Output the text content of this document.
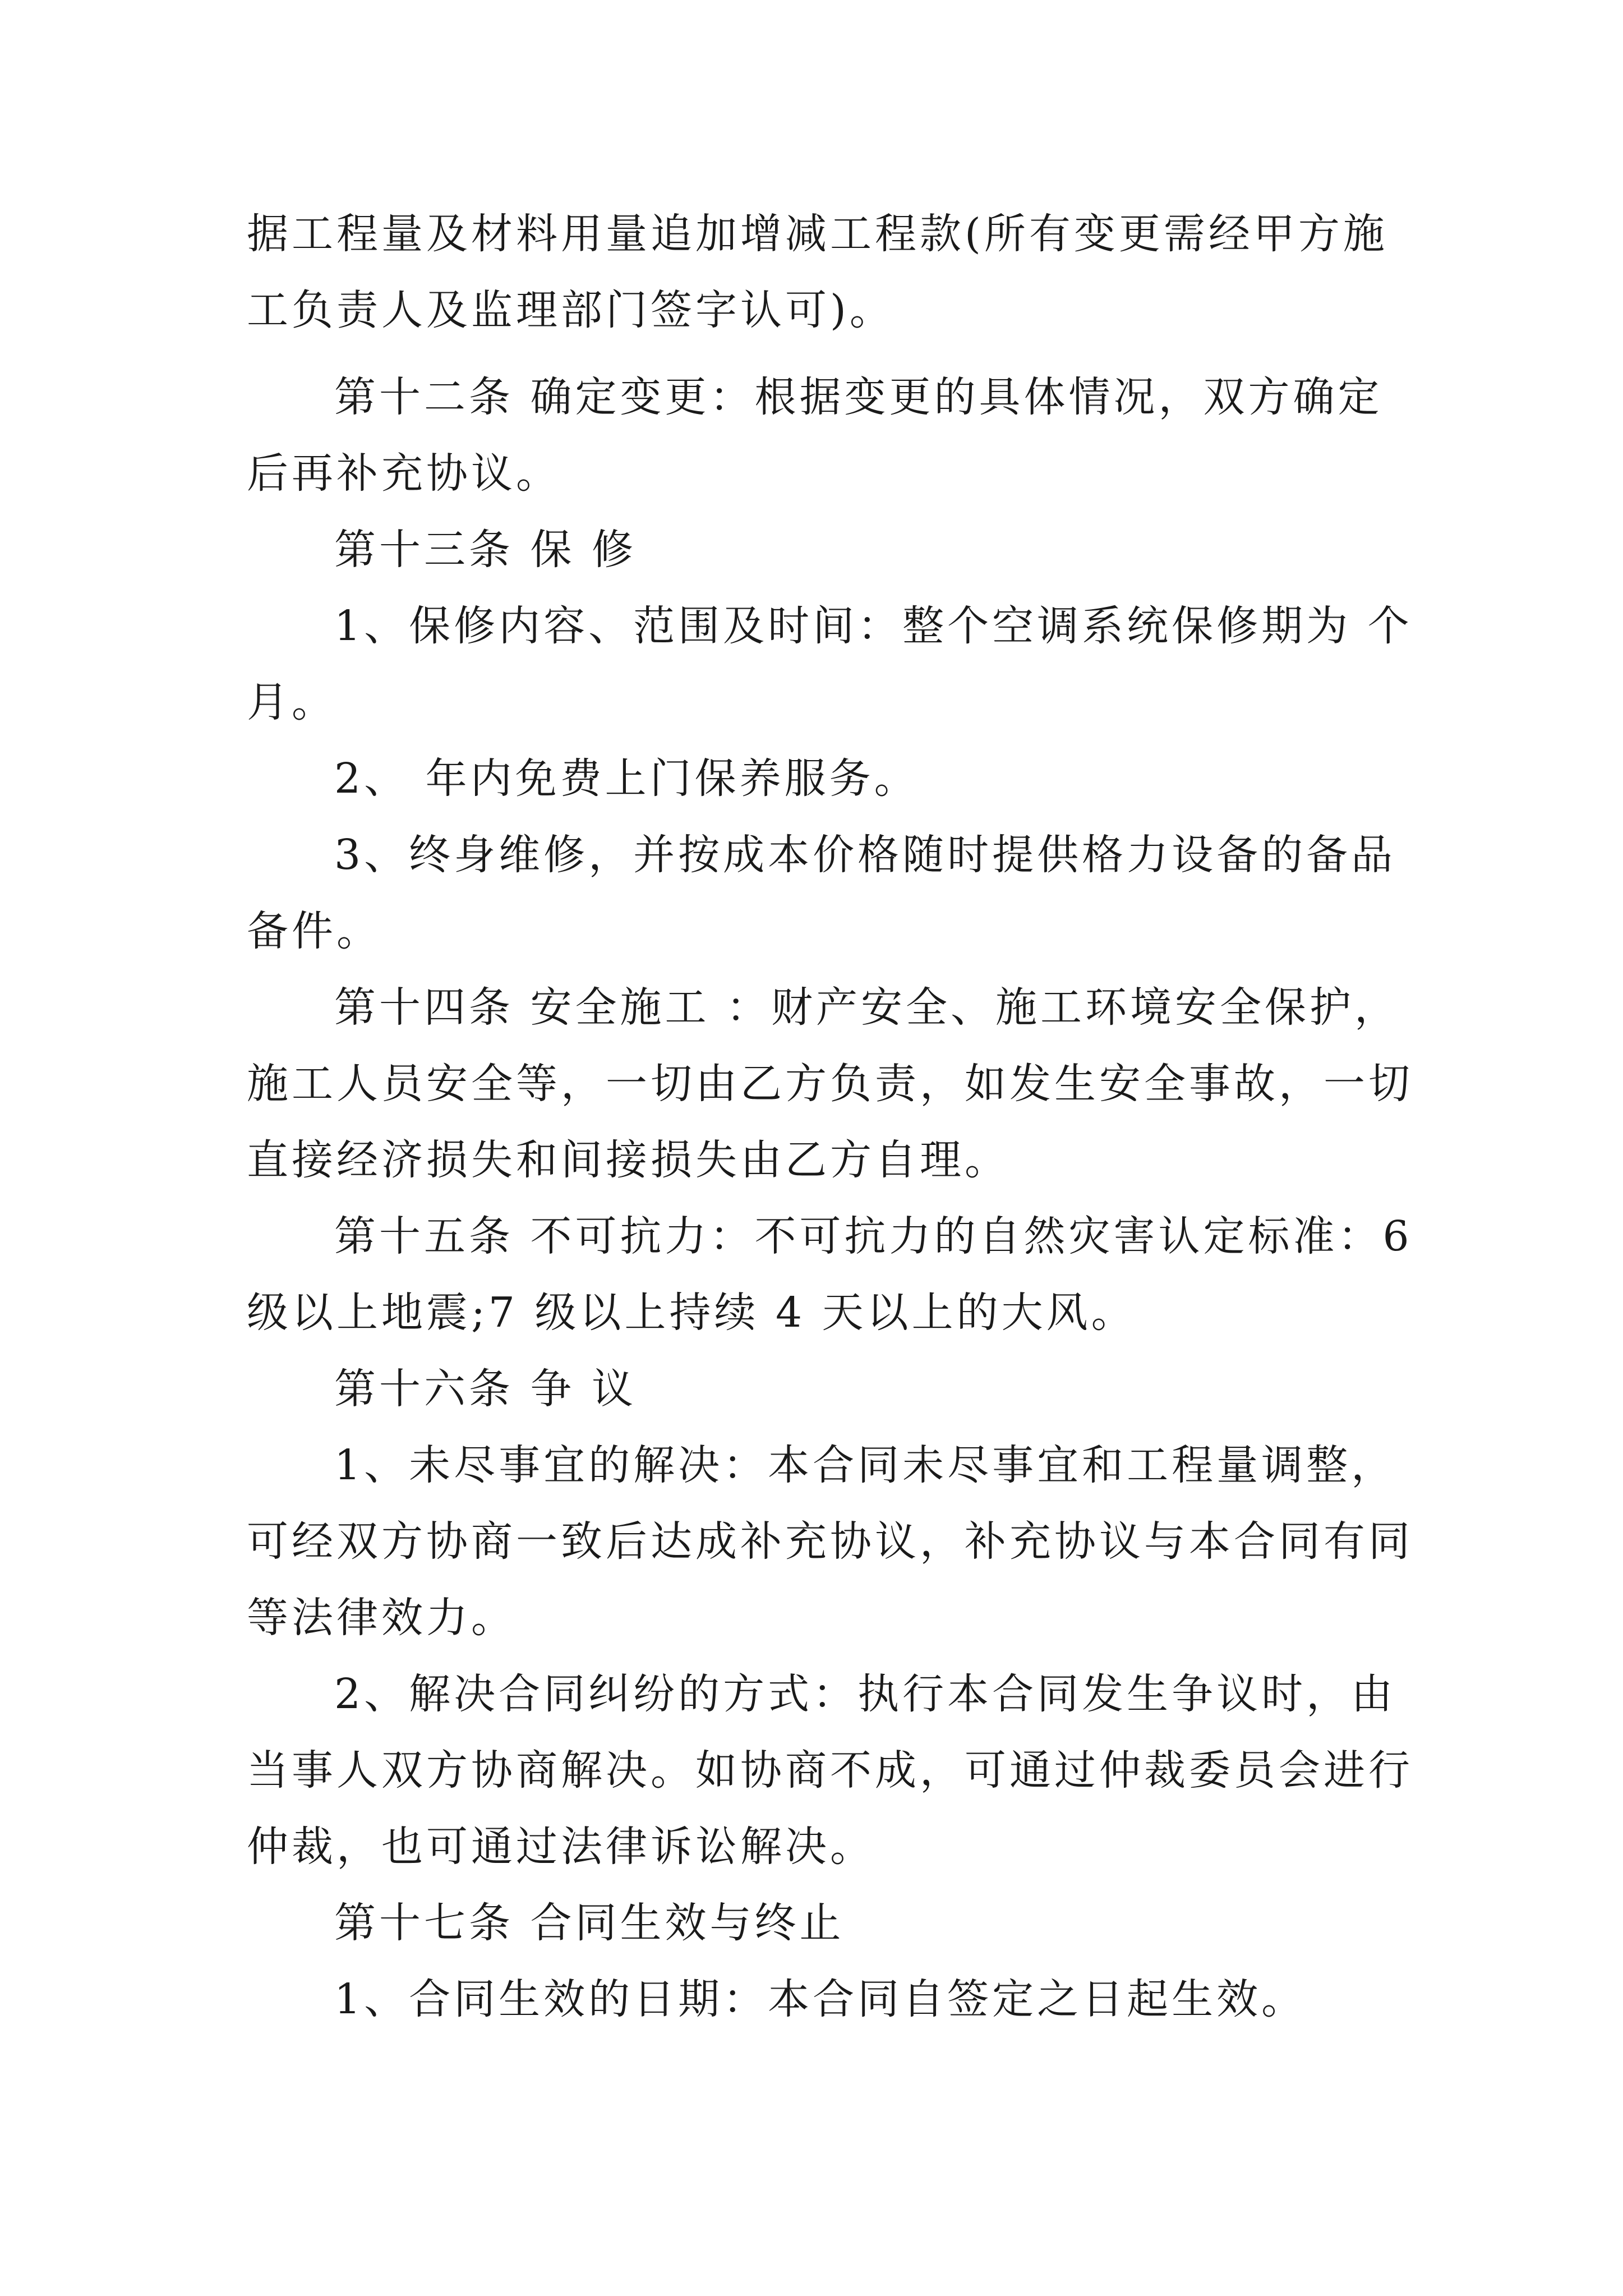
据工程量及材料用量追加增减工程款(所有变更需经甲方施
工负责人及监理部门签字认可)。
第十二条 确定变更：根据变更的具体情况，双方确定
后再补充协议。
第十三条 保 修
1、保修内容、范围及时间：整个空调系统保修期为 个
月。
2、 年内免费上门保养服务。
3、终身维修，并按成本价格随时提供格力设备的备品
备件。
第十四条 安全施工 ：财产安全、施工环境安全保护，
施工人员安全等，一切由乙方负责，如发生安全事故，一切
直接经济损失和间接损失由乙方自理。
第十五条 不可抗力：不可抗力的自然灾害认定标准：6
级以上地震;7 级以上持续 4 天以上的大风。
第十六条 争 议
1、未尽事宜的解决：本合同未尽事宜和工程量调整，
可经双方协商一致后达成补充协议，补充协议与本合同有同
等法律效力。
2、解决合同纠纷的方式：执行本合同发生争议时，由
当事人双方协商解决。如协商不成，可通过仲裁委员会进行
仲裁，也可通过法律诉讼解决。
第十七条 合同生效与终止
1、合同生效的日期：本合同自签定之日起生效。
